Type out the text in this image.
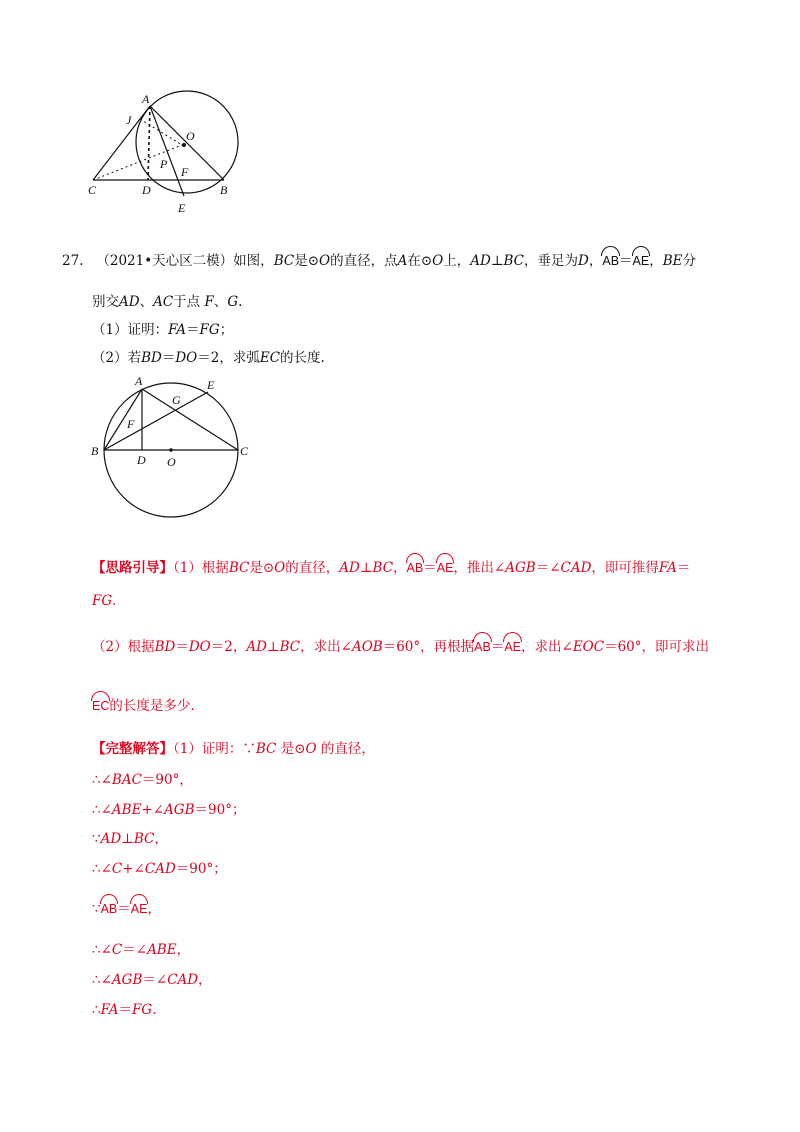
A
J
O
P
F
C	D	B
E
27. （2021•天心区二模）如图，BC是⊙O的直径，点A在⊙O上，AD⊥BC，垂足为D，AB＝AE，BE分
别交AD、AC于点 F、G.
（1）证明：FA＝FG；
（2）若BD＝DO＝2，求弧EC的长度.
A	E
G
F
B
D O
C
【思路引导】（1）根据BC是⊙O的直径，AD⊥BC，AB＝AE，推出∠AGB＝∠CAD，即可推得FA＝
FG.
（2）根据BD＝DO＝2，AD⊥BC，求出∠AOB＝60°，再根据AB＝AE，求出∠EOC＝60°，即可求出
EC的长度是多少.
【完整解答】（1）证明：∵BC 是⊙O 的直径，
∴∠BAC＝90°，
∴∠ABE+∠AGB＝90°；
∵AD⊥BC，
∴∠C+∠CAD＝90°；
∵AB＝AE，
∴∠C＝∠ABE，
∴∠AGB＝∠CAD，
∴FA＝FG.
